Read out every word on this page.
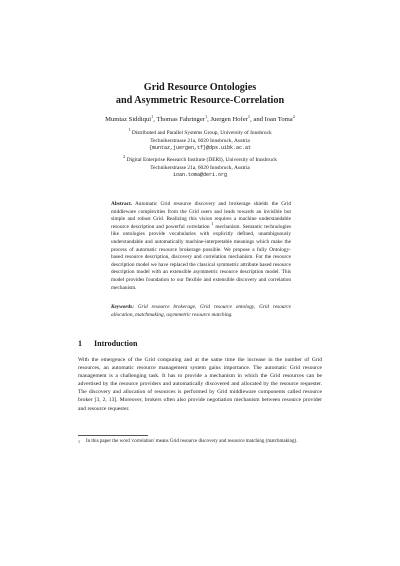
Grid Resource Ontologies
and Asymmetric Resource-Correlation
Mumtaz Siddiqui$^1$, Thomas Fahringer$^1$, Juergen Hofer$^1$, and Ioan Toma$^2$
$^1$ Distributed and Parallel Systems Group, University of Innsbruck
Technikerstrasse 21a, 6020 Innsbruck, Austria
{muntaz,juergen,tf}@dps.uibk.ac.at
$^2$ Digital Enterprise Research Institute (DERI), University of Innsbruck
Technikerstrasse 21a, 6020 Innsbruck, Austria
ioan.toma@deri.org
Abstract. Automatic Grid resource discovery and brokerage shields the Grid middleware complexities from the Grid users and leads towards an invisible but simple and robust Grid. Realizing this vision requires a machine understandable resource description and powerful correlation $^1$ mechanism. Semantic technologies like ontologies provide vocabularies with explicitly defined, unambiguously understandable and automatically machine-interpretable meanings which make the process of automatic resource brokerage possible. We propose a fully Ontology-based resource description, discovery and correlation mechanism. For the resource description model we have replaced the classical symmetric attribute based resource description model with an extensible asymmetric resource description model. This model provides foundation to our flexible and extensible discovery and correlation mechanism.
Keywords: Grid resource brokerage, Grid resource ontology, Grid resource allocation, matchmaking, asymmetric resource matching.
1 Introduction
With the emergence of the Grid computing and at the same time the increase in the number of Grid resources, an automatic resource management system gains importance. The automatic Grid resource management is a challenging task. It has to provide a mechanism in which the Grid resources can be advertised by the resource providers and automatically discovered and allocated by the resource requester. The discovery and allocation of resources is performed by Grid middleware components called resource broker [3, 2, 13]. Moreover, brokers often also provide negotiation mechanism between resource provider and resource requester.
1 In this paper the word 'correlation' means Grid resource discovery and resource matching (matchmaking).
